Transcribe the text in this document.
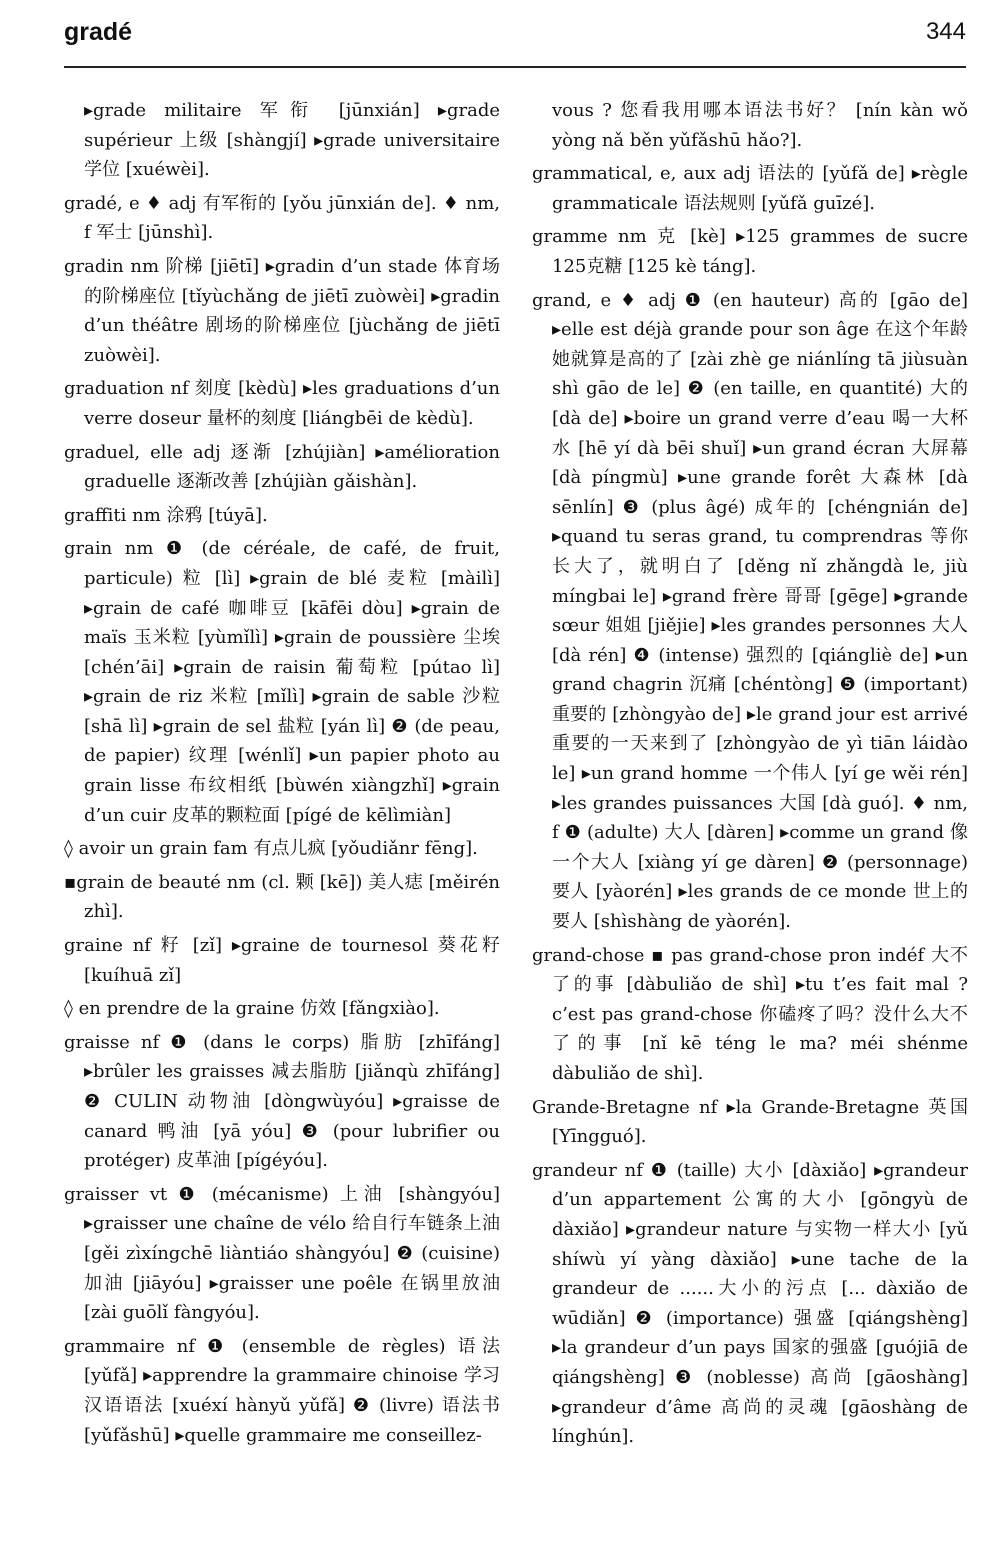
gradé	344

▸grade militaire 军衔 [jūnxián] ▸grade supérieur 上级 [shàngjí] ▸grade universitaire 学位 [xuéwèi].

gradé, e ♦ adj 有军衔的 [yǒu jūnxián de]. ♦ nm, f 军士 [jūnshì].

gradin nm 阶梯 [jiētī] ▸gradin d’un stade 体育场的阶梯座位 [tǐyùchǎng de jiētī zuòwèi] ▸gradin d’un théâtre 剧场的阶梯座位 [jùchǎng de jiētī zuòwèi].

graduation nf 刻度 [kèdù] ▸les graduations d’un verre doseur 量杯的刻度 [liángbēi de kèdù].

graduel, elle adj 逐渐 [zhújiàn] ▸amélioration graduelle 逐渐改善 [zhújiàn gǎishàn].

graffiti nm 涂鸦 [túyā].

grain nm ❶ (de céréale, de café, de fruit, particule) 粒 [lì] ▸grain de blé 麦粒 [màilì] ▸grain de café 咖啡豆 [kāfēi dòu] ▸grain de maïs 玉米粒 [yùmǐlì] ▸grain de poussière 尘埃 [chén’āi] ▸grain de raisin 葡萄粒 [pútao lì] ▸grain de riz 米粒 [mǐlì] ▸grain de sable 沙粒 [shā lì] ▸grain de sel 盐粒 [yán lì] ❷ (de peau, de papier) 纹理 [wénlǐ] ▸un papier photo au grain lisse 布纹相纸 [bùwén xiàngzhǐ] ▸grain d’un cuir 皮革的颗粒面 [pígé de kēlìmiàn]

◊ avoir un grain fam 有点儿疯 [yǒudiǎnr fēng].

▪grain de beauté nm (cl. 颗 [kē]) 美人痣 [měirén zhì].

graine nf 籽 [zǐ] ▸graine de tournesol 葵花籽 [kuíhuā zǐ]

◊ en prendre de la graine 仿效 [fǎngxiào].

graisse nf ❶ (dans le corps) 脂肪 [zhīfáng] ▸brûler les graisses 减去脂肪 [jiǎnqù zhīfáng] ❷ CULIN 动物油 [dòngwùyóu] ▸graisse de canard 鸭油 [yā yóu] ❸ (pour lubrifier ou protéger) 皮革油 [pígéyóu].

graisser vt ❶ (mécanisme) 上油 [shàngyóu] ▸graisser une chaîne de vélo 给自行车链条上油 [gěi zìxíngchē liàntiáo shàngyóu] ❷ (cuisine) 加油 [jiāyóu] ▸graisser une poêle 在锅里放油 [zài guōlǐ fàngyóu].

grammaire nf ❶ (ensemble de règles) 语法 [yǔfǎ] ▸apprendre la grammaire chinoise 学习汉语语法 [xuéxí hànyǔ yǔfǎ] ❷ (livre) 语法书 [yǔfǎshū] ▸quelle grammaire me conseillez-

vous ? 您看我用哪本语法书好？ [nín kàn wǒ yòng nǎ běn yǔfǎshū hǎo?].

grammatical, e, aux adj 语法的 [yǔfǎ de] ▸règle grammaticale 语法规则 [yǔfǎ guīzé].

gramme nm 克 [kè] ▸125 grammes de sucre 125克糖 [125 kè táng].

grand, e ♦ adj ❶ (en hauteur) 高的 [gāo de] ▸elle est déjà grande pour son âge 在这个年龄她就算是高的了 [zài zhè ge niánlíng tā jiùsuàn shì gāo de le] ❷ (en taille, en quantité) 大的 [dà de] ▸boire un grand verre d’eau 喝一大杯水 [hē yí dà bēi shuǐ] ▸un grand écran 大屏幕 [dà píngmù] ▸une grande forêt 大森林 [dà sēnlín] ❸ (plus âgé) 成年的 [chéngnián de] ▸quand tu seras grand, tu comprendras 等你长大了，就明白了 [děng nǐ zhǎngdà le, jiù míngbai le] ▸grand frère 哥哥 [gēge] ▸grande sœur 姐姐 [jiějie] ▸les grandes personnes 大人 [dà rén] ❹ (intense) 强烈的 [qiángliè de] ▸un grand chagrin 沉痛 [chéntòng] ❺ (important) 重要的 [zhòngyào de] ▸le grand jour est arrivé 重要的一天来到了 [zhòngyào de yì tiān láidào le] ▸un grand homme 一个伟人 [yí ge wěi rén] ▸les grandes puissances 大国 [dà guó]. ♦ nm, f ❶ (adulte) 大人 [dàren] ▸comme un grand 像一个大人 [xiàng yí ge dàren] ❷ (personnage) 要人 [yàorén] ▸les grands de ce monde 世上的要人 [shìshàng de yàorén].

grand-chose ▪ pas grand-chose pron indéf 大不了的事 [dàbuliǎo de shì] ▸tu t’es fait mal ? c’est pas grand-chose 你磕疼了吗？没什么大不了的事 [nǐ kē téng le ma? méi shénme dàbuliǎo de shì].

Grande-Bretagne nf ▸la Grande-Bretagne 英国 [Yīngguó].

grandeur nf ❶ (taille) 大小 [dàxiǎo] ▸grandeur d’un appartement 公寓的大小 [gōngyù de dàxiǎo] ▸grandeur nature 与实物一样大小 [yǔ shíwù yí yàng dàxiǎo] ▸une tache de la grandeur de ......大小的污点 [... dàxiǎo de wūdiǎn] ❷ (importance) 强盛 [qiángshèng] ▸la grandeur d’un pays 国家的强盛 [guójiā de qiángshèng] ❸ (noblesse) 高尚 [gāoshàng] ▸grandeur d’âme 高尚的灵魂 [gāoshàng de línghún].
